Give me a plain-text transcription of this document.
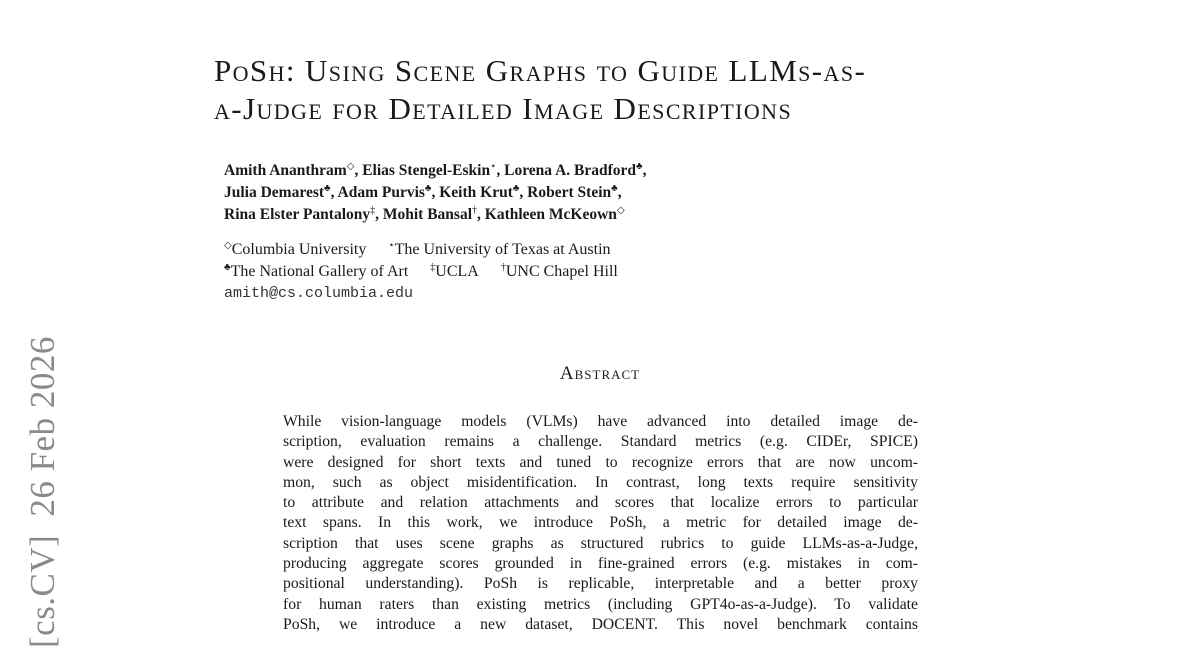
[cs.CV]26 Feb 2026
PoSh: Using Scene Graphs to Guide LLMs-as-
a-Judge for Detailed Image Descriptions
Amith Ananthram◇, Elias Stengel-Eskin⋆, Lorena A. Bradford♣,
Julia Demarest♣, Adam Purvis♣, Keith Krut♣, Robert Stein♣,
Rina Elster Pantalony‡, Mohit Bansal†, Kathleen McKeown◇
◇Columbia University ⋆The University of Texas at Austin
♣The National Gallery of Art ‡UCLA †UNC Chapel Hill
amith@cs.columbia.edu
Abstract
While vision-language models (VLMs) have advanced into detailed image de-
scription, evaluation remains a challenge. Standard metrics (e.g. CIDEr, SPICE)
were designed for short texts and tuned to recognize errors that are now uncom-
mon, such as object misidentification. In contrast, long texts require sensitivity
to attribute and relation attachments and scores that localize errors to particular
text spans. In this work, we introduce PoSh, a metric for detailed image de-
scription that uses scene graphs as structured rubrics to guide LLMs-as-a-Judge,
producing aggregate scores grounded in fine-grained errors (e.g. mistakes in com-
positional understanding). PoSh is replicable, interpretable and a better proxy
for human raters than existing metrics (including GPT4o-as-a-Judge). To validate
PoSh, we introduce a new dataset, DOCENT. This novel benchmark contains
